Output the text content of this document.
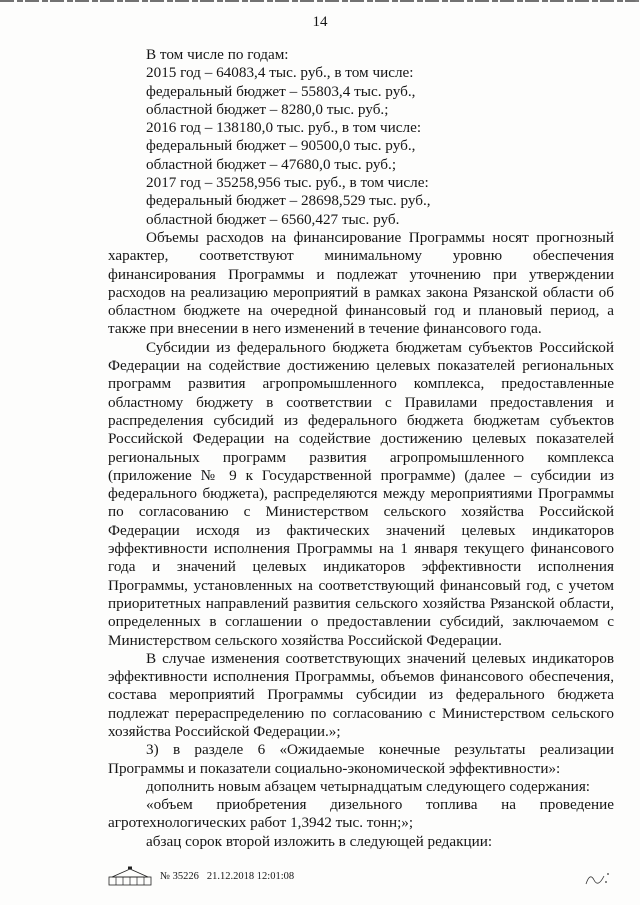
14
В том числе по годам:
2015 год – 64083,4 тыс. руб., в том числе:
федеральный бюджет – 55803,4 тыс. руб.,
областной бюджет – 8280,0 тыс. руб.;
2016 год – 138180,0 тыс. руб., в том числе:
федеральный бюджет – 90500,0 тыс. руб.,
областной бюджет – 47680,0 тыс. руб.;
2017 год – 35258,956 тыс. руб., в том числе:
федеральный бюджет – 28698,529 тыс. руб.,
областной бюджет – 6560,427 тыс. руб.
Объемы расходов на финансирование Программы носят прогнозный
характер, соответствуют минимальному уровню обеспечения
финансирования Программы и подлежат уточнению при утверждении
расходов на реализацию мероприятий в рамках закона Рязанской области об
областном бюджете на очередной финансовый год и плановый период, а
также при внесении в него изменений в течение финансового года.
Субсидии из федерального бюджета бюджетам субъектов Российской
Федерации на содействие достижению целевых показателей региональных
программ развития агропромышленного комплекса, предоставленные
областному бюджету в соответствии с Правилами предоставления и
распределения субсидий из федерального бюджета бюджетам субъектов
Российской Федерации на содействие достижению целевых показателей
региональных программ развития агропромышленного комплекса
(приложение № 9 к Государственной программе) (далее – субсидии из
федерального бюджета), распределяются между мероприятиями Программы
по согласованию с Министерством сельского хозяйства Российской
Федерации исходя из фактических значений целевых индикаторов
эффективности исполнения Программы на 1 января текущего финансового
года и значений целевых индикаторов эффективности исполнения
Программы, установленных на соответствующий финансовый год, с учетом
приоритетных направлений развития сельского хозяйства Рязанской области,
определенных в соглашении о предоставлении субсидий, заключаемом с
Министерством сельского хозяйства Российской Федерации.
В случае изменения соответствующих значений целевых индикаторов
эффективности исполнения Программы, объемов финансового обеспечения,
состава мероприятий Программы субсидии из федерального бюджета
подлежат перераспределению по согласованию с Министерством сельского
хозяйства Российской Федерации.»;
3) в разделе 6 «Ожидаемые конечные результаты реализации
Программы и показатели социально-экономической эффективности»:
дополнить новым абзацем четырнадцатым следующего содержания:
«объем приобретения дизельного топлива на проведение
агротехнологических работ 1,3942 тыс. тонн;»;
абзац сорок второй изложить в следующей редакции:
№ 35226 21.12.2018 12:01:08
